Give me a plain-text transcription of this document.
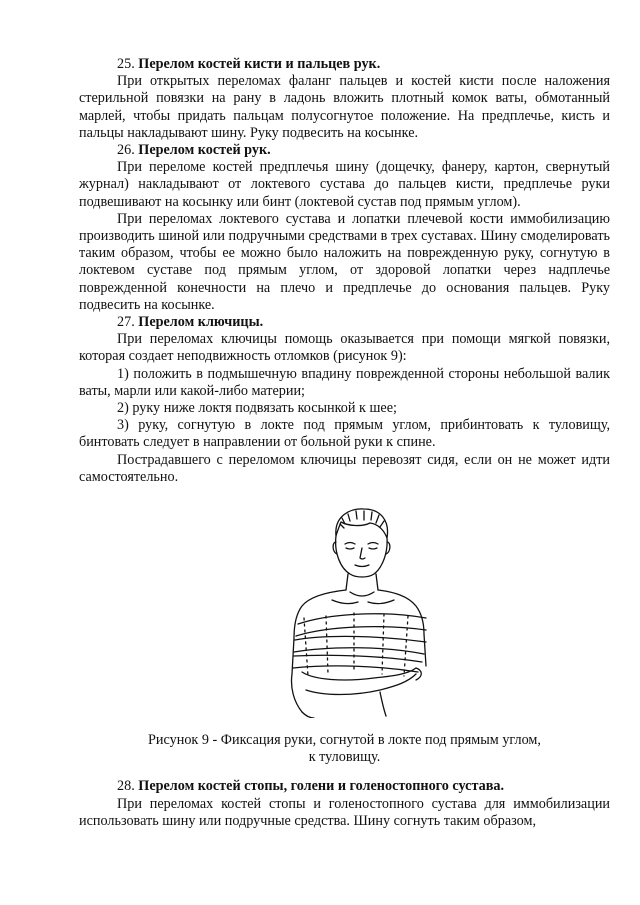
25. Перелом костей кисти и пальцев рук.

При открытых переломах фаланг пальцев и костей кисти после наложения стерильной повязки на рану в ладонь вложить плотный комок ваты, обмотанный марлей, чтобы придать пальцам полусогнутое положение. На предплечье, кисть и пальцы накладывают шину. Руку подвесить на косынке.

26. Перелом костей рук.

При переломе костей предплечья шину (дощечку, фанеру, картон, свернутый журнал) накладывают от локтевого сустава до пальцев кисти, предплечье руки подвешивают на косынку или бинт (локтевой сустав под прямым углом).

При переломах локтевого сустава и лопатки плечевой кости иммобилизацию производить шиной или подручными средствами в трех суставах. Шину смоделировать таким образом, чтобы ее можно было наложить на поврежденную руку, согнутую в локтевом суставе под прямым углом, от здоровой лопатки через надплечье поврежденной конечности на плечо и предплечье до основания пальцев. Руку подвесить на косынке.

27. Перелом ключицы.

При переломах ключицы помощь оказывается при помощи мягкой повязки, которая создает неподвижность отломков (рисунок 9):

1) положить в подмышечную впадину поврежденной стороны небольшой валик ваты, марли или какой-либо материи;

2) руку ниже локтя подвязать косынкой к шее;

3) руку, согнутую в локте под прямым углом, прибинтовать к туловищу, бинтовать следует в направлении от больной руки к спине.

Пострадавшего с переломом ключицы перевозят сидя, если он не может идти самостоятельно.

Рисунок 9 - Фиксация руки, согнутой в локте под прямым углом,

к туловищу.

28. Перелом костей стопы, голени и голеностопного сустава.

При переломах костей стопы и голеностопного сустава для иммобилизации использовать шину или подручные средства. Шину согнуть таким образом,
